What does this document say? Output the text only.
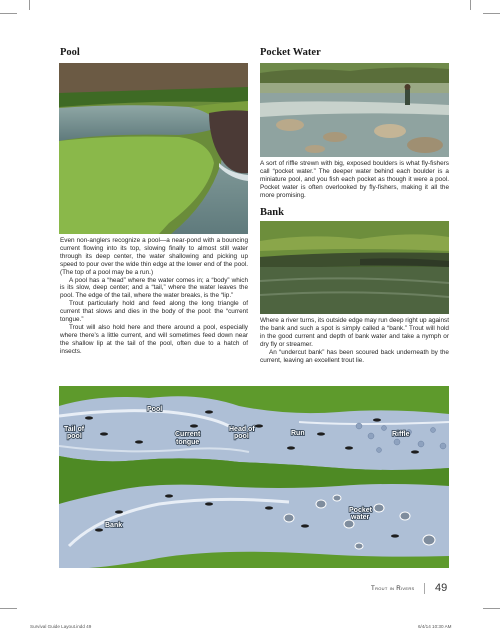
Pool

Even non-anglers recognize a pool—a near-pond with a bouncing current flowing into its top, slowing finally to almost still water through its deep center, the water shallowing and picking up speed to pour over the wide thin edge at the lower end of the pool. (The top of a pool may be a run.)

A pool has a “head” where the water comes in; a “body” which is its slow, deep center; and a “tail,” where the water leaves the pool. The edge of the tail, where the water breaks, is the “lip.”

Trout particularly hold and feed along the long triangle of current that slows and dies in the body of the pool: the “current tongue.”

Trout will also hold here and there around a pool, especially where there’s a little current, and will sometimes feed down near the shallow lip at the tail of the pool, often due to a hatch of insects.

Pocket Water

A sort of riffle strewn with big, exposed boulders is what fly-fishers call “pocket water.” The deeper water behind each boulder is a miniature pool, and you fish each pocket as though it were a pool. Pocket water is often overlooked by fly-fishers, making it all the more promising.

Bank

Where a river turns, its outside edge may run deep right up against the bank and such a spot is simply called a “bank.” Trout will hold in the good current and depth of bank water and take a nymph or dry fly or streamer.

An “undercut bank” has been scoured back underneath by the current, leaving an excellent trout lie.

Pool
Tail of
pool	Current
tongue
Head of
pool	Run	Riffle
Pocket
water
Bank
Trout in Rivers 49
Survival Guide Layout.indd 49	6/4/14 10:30 AM
